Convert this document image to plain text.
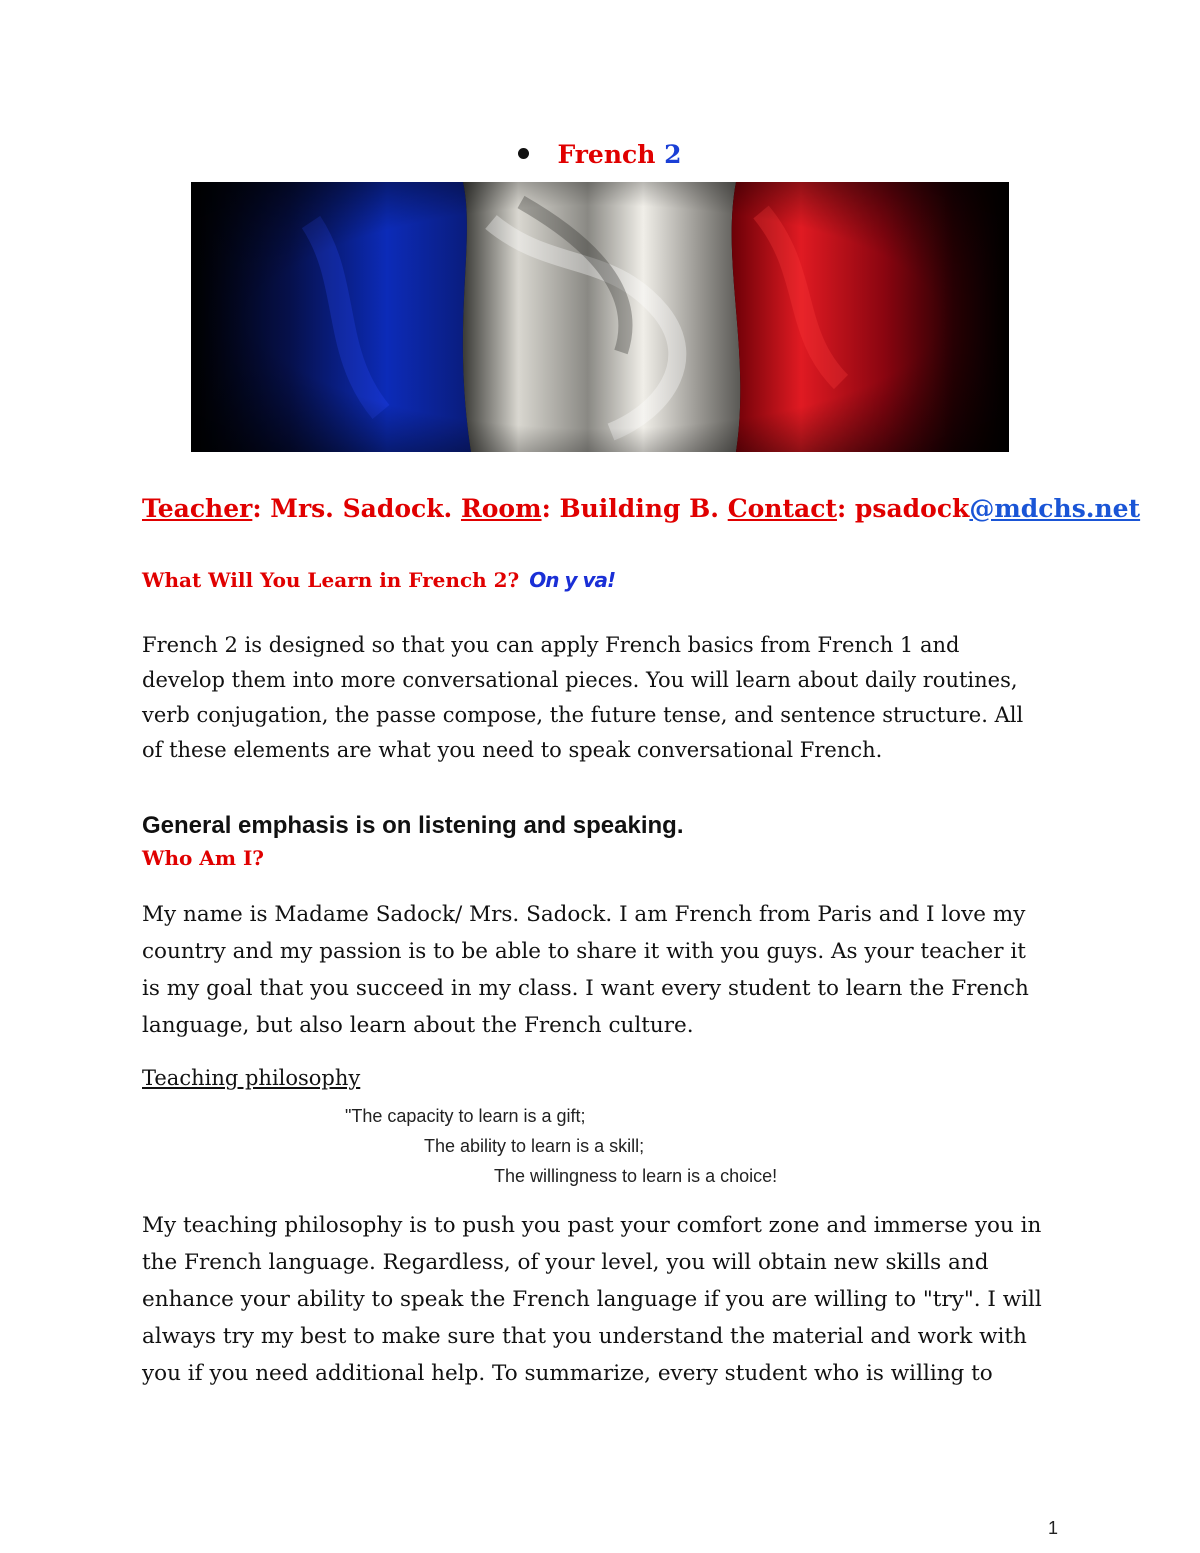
French 2
Teacher: Mrs. Sadock. Room: Building B. Contact: psadock@mdchs.net
What Will You Learn in French 2? On y va!
French 2 is designed so that you can apply French basics from French 1 and
develop them into more conversational pieces. You will learn about daily routines,
verb conjugation, the passe compose, the future tense, and sentence structure. All
of these elements are what you need to speak conversational French.
General emphasis is on listening and speaking.
Who Am I?
My name is Madame Sadock/ Mrs. Sadock. I am French from Paris and I love my
country and my passion is to be able to share it with you guys. As your teacher it
is my goal that you succeed in my class. I want every student to learn the French
language, but also learn about the French culture.
Teaching philosophy
"The capacity to learn is a gift;
The ability to learn is a skill;
The willingness to learn is a choice!
My teaching philosophy is to push you past your comfort zone and immerse you in
the French language. Regardless, of your level, you will obtain new skills and
enhance your ability to speak the French language if you are willing to "try". I will
always try my best to make sure that you understand the material and work with
you if you need additional help. To summarize, every student who is willing to
1
